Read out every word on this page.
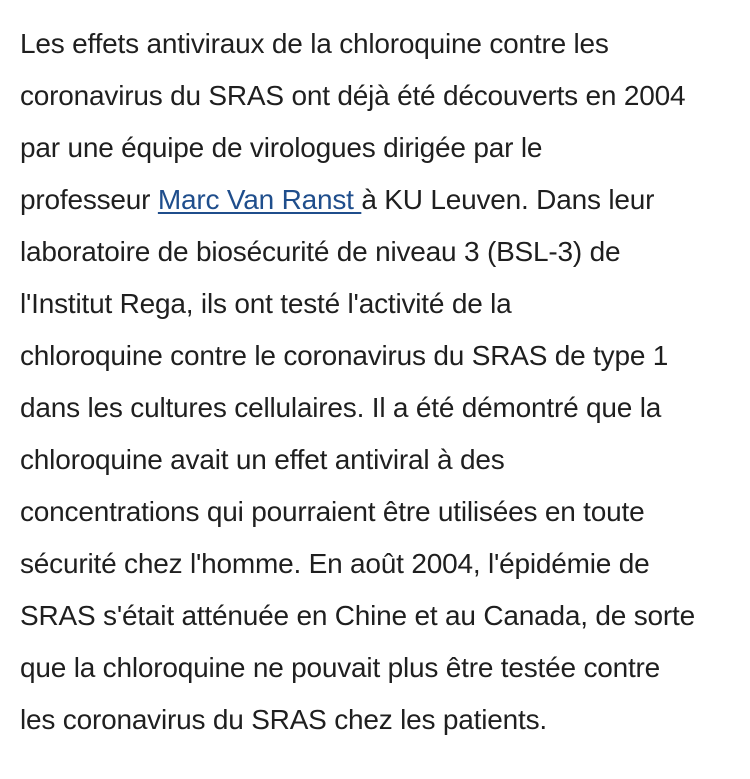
Les effets antiviraux de la chloroquine contre les
coronavirus du SRAS ont déjà été découverts en 2004
par une équipe de virologues dirigée par le
professeur Marc Van Ranst à KU Leuven. Dans leur
laboratoire de biosécurité de niveau 3 (BSL-3) de
l'Institut Rega, ils ont testé l'activité de la
chloroquine contre le coronavirus du SRAS de type 1
dans les cultures cellulaires. Il a été démontré que la
chloroquine avait un effet antiviral à des
concentrations qui pourraient être utilisées en toute
sécurité chez l'homme. En août 2004, l'épidémie de
SRAS s'était atténuée en Chine et au Canada, de sorte
que la chloroquine ne pouvait plus être testée contre
les coronavirus du SRAS chez les patients.
